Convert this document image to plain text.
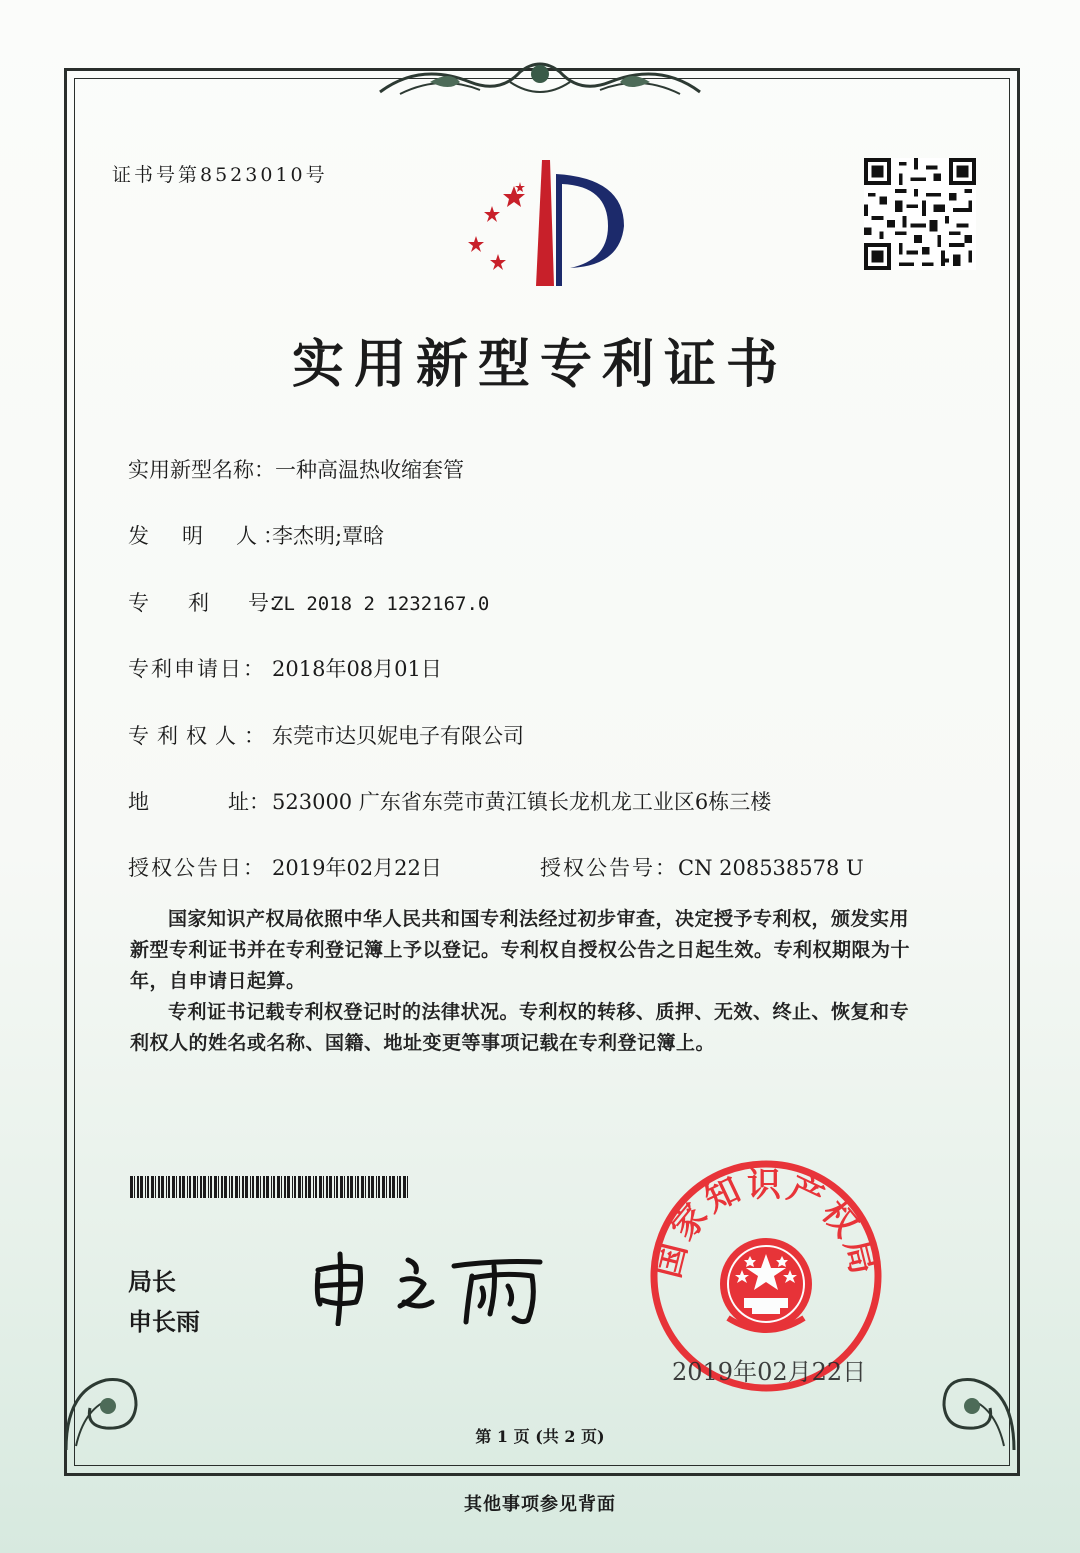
证书号第8523010号
实用新型专利证书
实用新型名称：一种高温热收缩套管
发　明　人：李杰明;覃晗
专　　利　　号：ZL 2018 2 1232167.0
专利申请日： 2018年08月01日
专利权人：东莞市达贝妮电子有限公司
地	址：523000 广东省东莞市黄江镇长龙机龙工业区6栋三楼
授权公告日： 2019年02月22日	授权公告号：CN 208538578 U
国家知识产权局依照中华人民共和国专利法经过初步审查，决定授予专利权，颁发实用
新型专利证书并在专利登记簿上予以登记。专利权自授权公告之日起生效。专利权期限为十
年，自申请日起算。
专利证书记载专利权登记时的法律状况。专利权的转移、质押、无效、终止、恢复和专
利权人的姓名或名称、国籍、地址变更等事项记载在专利登记簿上。
局长
申长雨
国家知识产权局
2019年02月22日
第 1 页 (共 2 页)
其他事项参见背面
